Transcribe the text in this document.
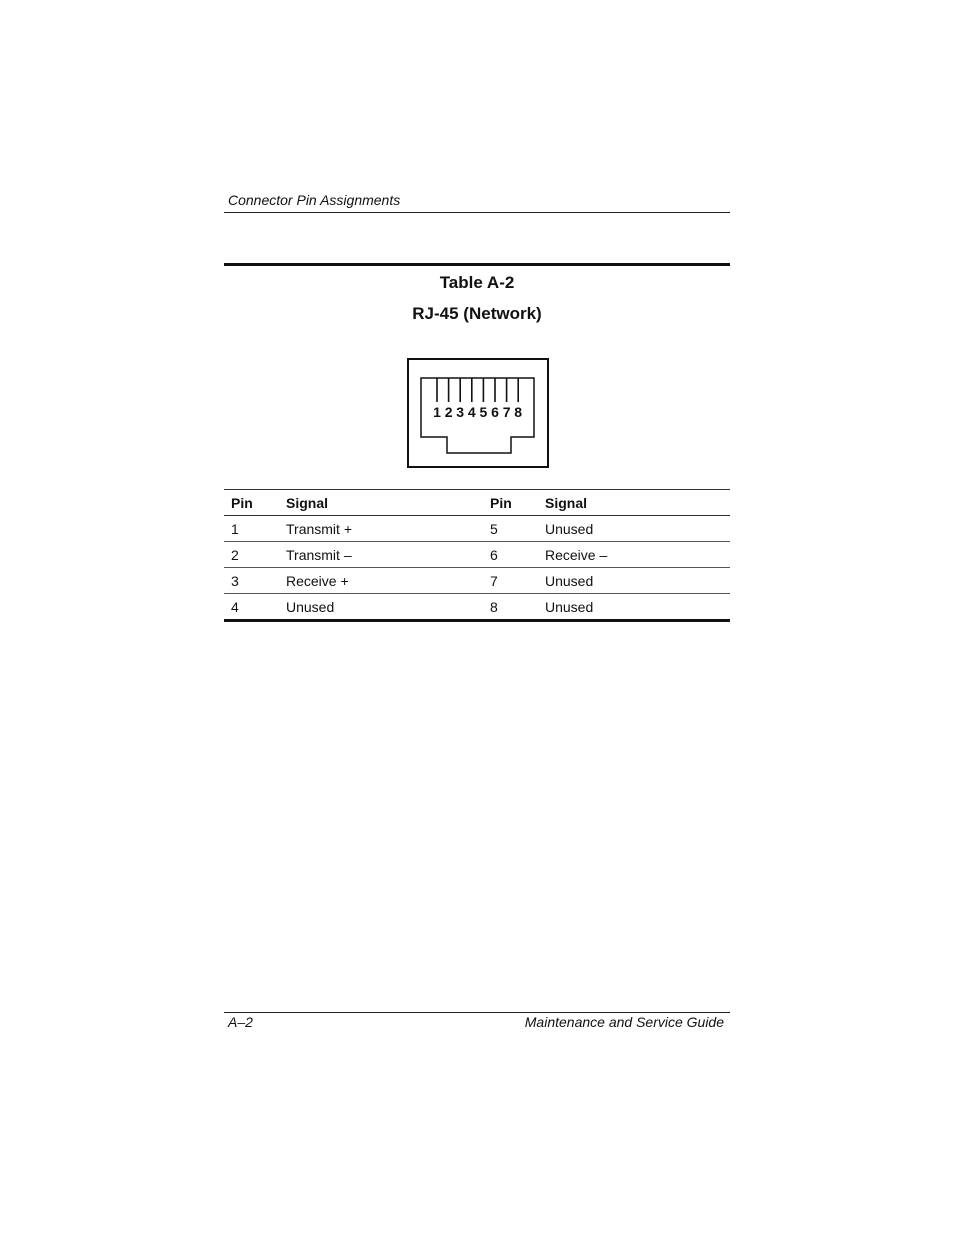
Connector Pin Assignments
Table A-2
RJ-45 (Network)
1 2 3 4 5 6 7 8
Pin	Signal	Pin	Signal
1	Transmit +	5	Unused
2	Transmit –	6	Receive –
3	Receive +	7	Unused
4	Unused	8	Unused
A–2	Maintenance and Service Guide
